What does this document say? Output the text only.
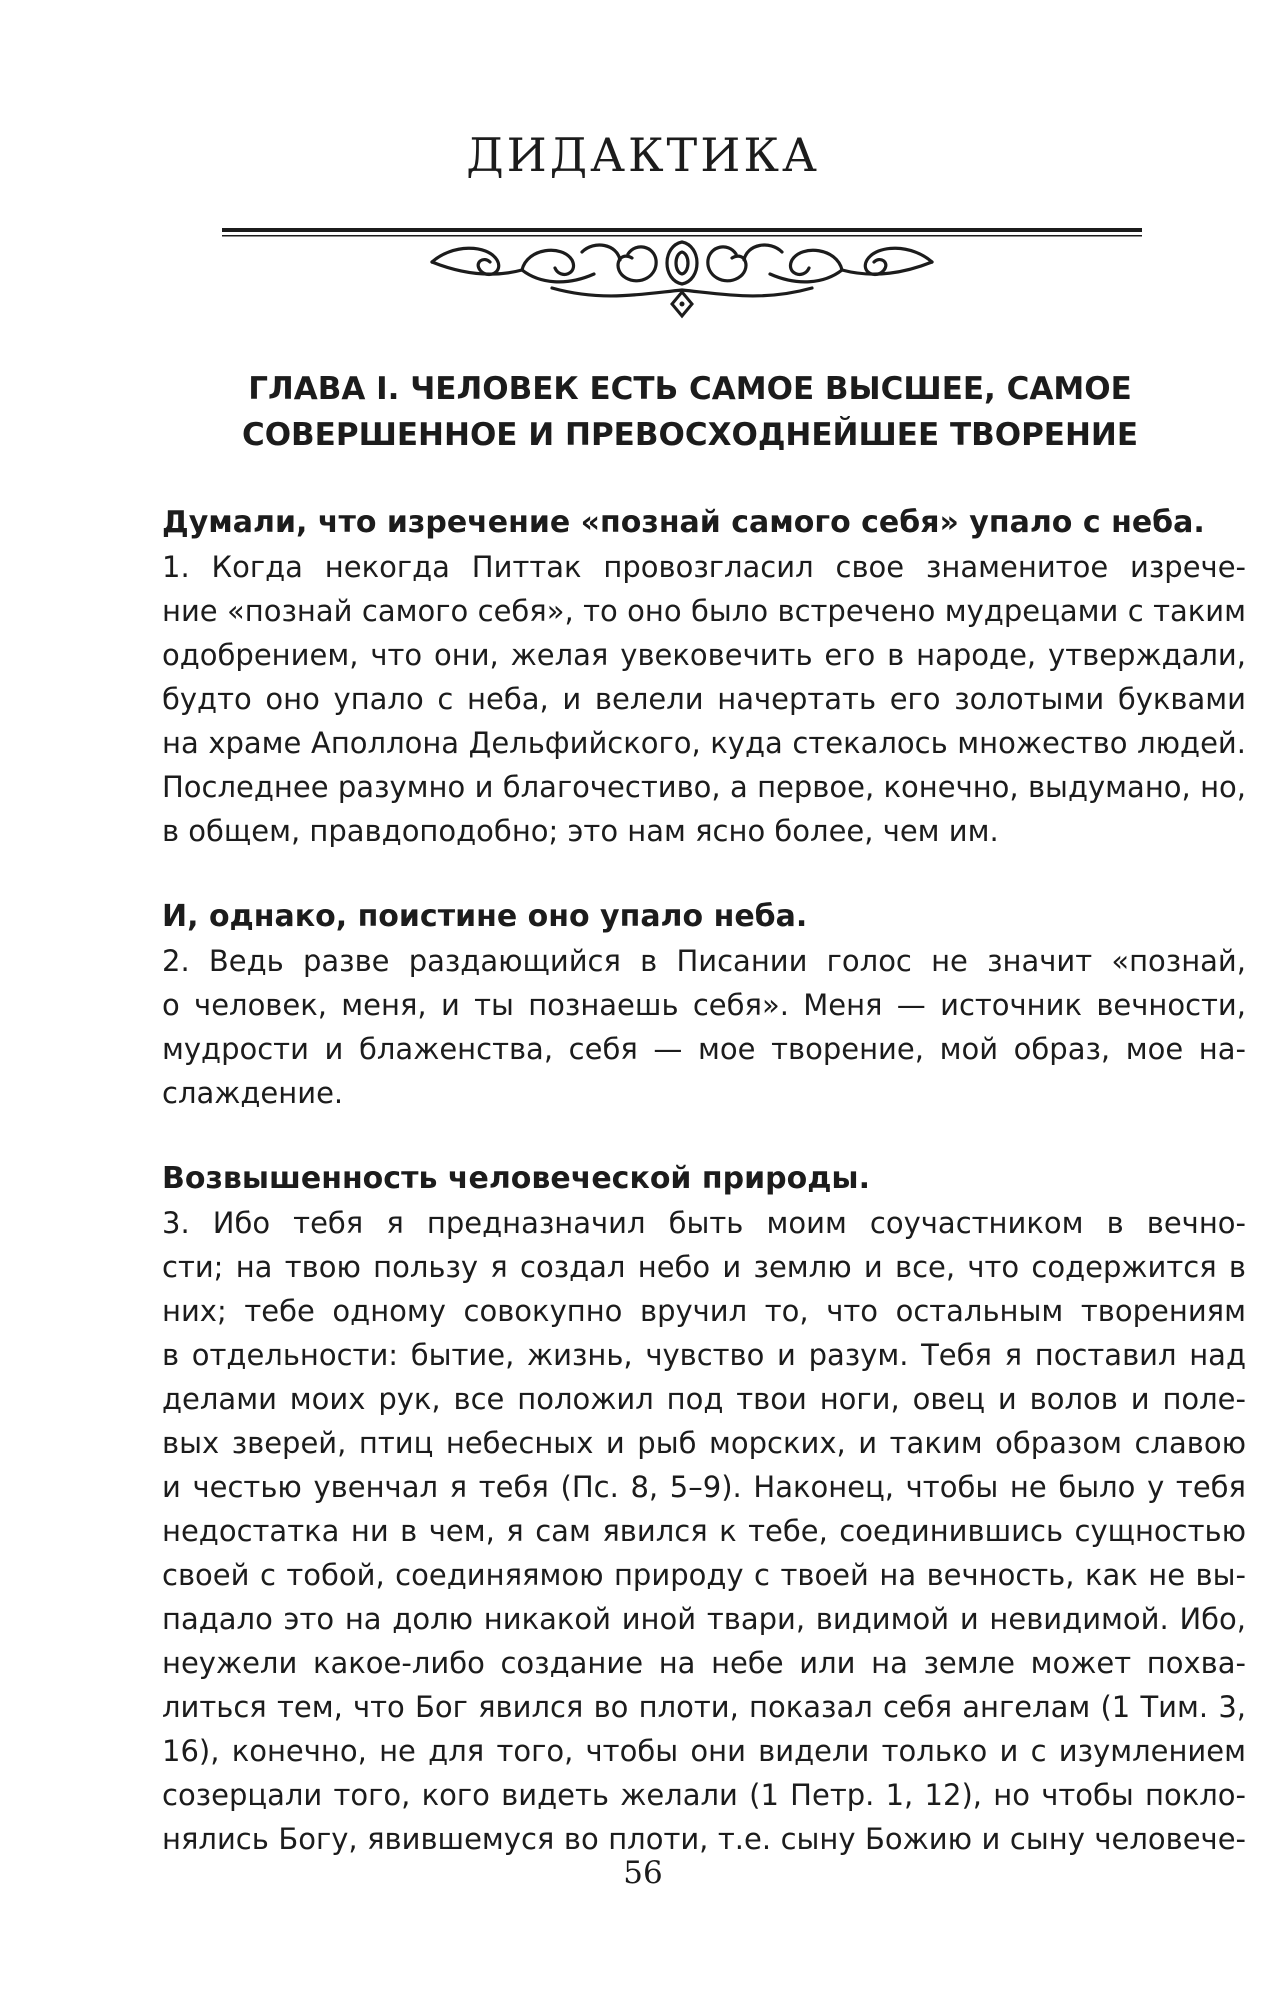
ДИДАКТИКА
ГЛАВА I. ЧЕЛОВЕК ЕСТЬ САМОЕ ВЫСШЕЕ, САМОЕ
СОВЕРШЕННОЕ И ПРЕВОСХОДНЕЙШЕЕ ТВОРЕНИЕ
Думали, что изречение «познай самого себя» упало с неба.
1. Когда некогда Питтак провозгласил свое знаменитое изрече-
ние «познай самого себя», то оно было встречено мудрецами с таким
одобрением, что они, желая увековечить его в народе, утверждали,
будто оно упало с неба, и велели начертать его золотыми буквами
на храме Аполлона Дельфийского, куда стекалось множество людей.
Последнее разумно и благочестиво, а первое, конечно, выдумано, но,
в общем, правдоподобно; это нам ясно более, чем им.
И, однако, поистине оно упало неба.
2. Ведь разве раздающийся в Писании голос не значит «познай,
о человек, меня, и ты познаешь себя». Меня — источник вечности,
мудрости и блаженства, себя — мое творение, мой образ, мое на-
слаждение.
Возвышенность человеческой природы.
3. Ибо тебя я предназначил быть моим соучастником в вечно-
сти; на твою пользу я создал небо и землю и все, что содержится в
них; тебе одному совокупно вручил то, что остальным творениям
в отдельности: бытие, жизнь, чувство и разум. Тебя я поставил над
делами моих рук, все положил под твои ноги, овец и волов и поле-
вых зверей, птиц небесных и рыб морских, и таким образом славою
и честью увенчал я тебя (Пс. 8, 5–9). Наконец, чтобы не было у тебя
недостатка ни в чем, я сам явился к тебе, соединившись сущностью
своей с тобой, соединяямою природу с твоей на вечность, как не вы-
падало это на долю никакой иной твари, видимой и невидимой. Ибо,
неужели какое-либо создание на небе или на земле может похва-
литься тем, что Бог явился во плоти, показал себя ангелам (1 Тим. 3,
16), конечно, не для того, чтобы они видели только и с изумлением
созерцали того, кого видеть желали (1 Петр. 1, 12), но чтобы покло-
нялись Богу, явившемуся во плоти, т.е. сыну Божию и сыну человече-
56
